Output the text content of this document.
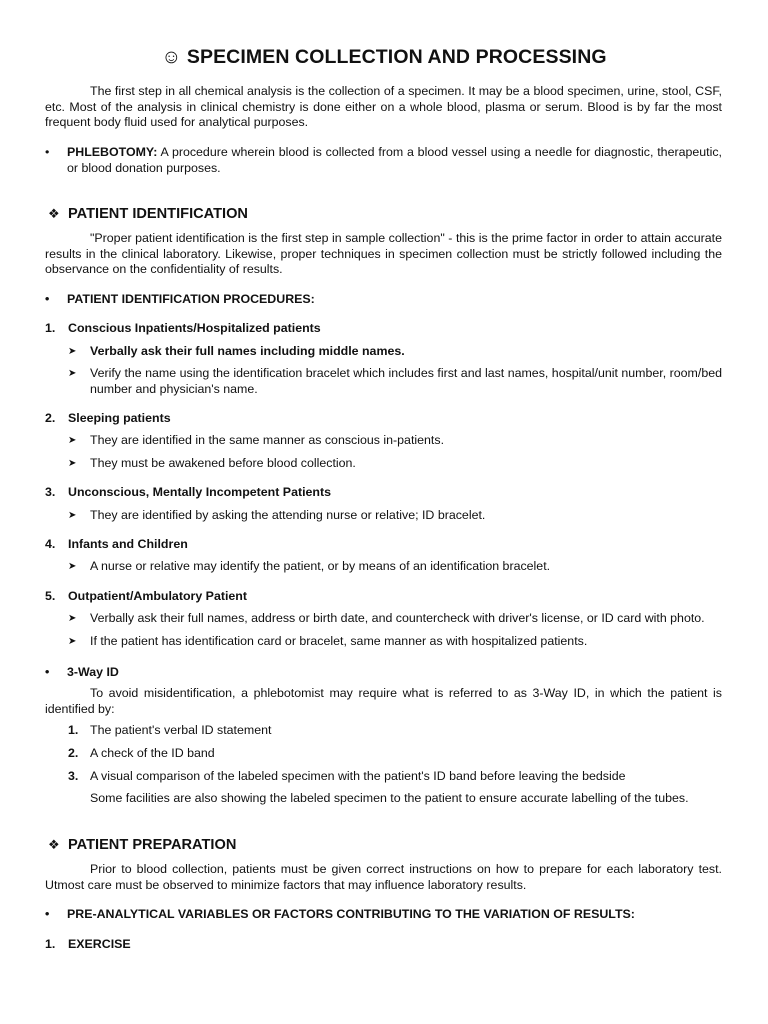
☺ SPECIMEN COLLECTION AND PROCESSING
The first step in all chemical analysis is the collection of a specimen. It may be a blood specimen, urine, stool, CSF, etc. Most of the analysis in clinical chemistry is done either on a whole blood, plasma or serum. Blood is by far the most frequent body fluid used for analytical purposes.
• PHLEBOTOMY: A procedure wherein blood is collected from a blood vessel using a needle for diagnostic, therapeutic, or blood donation purposes.
❖ PATIENT IDENTIFICATION
"Proper patient identification is the first step in sample collection" - this is the prime factor in order to attain accurate results in the clinical laboratory. Likewise, proper techniques in specimen collection must be strictly followed including the observance on the confidentiality of results.
• PATIENT IDENTIFICATION PROCEDURES:
1. Conscious Inpatients/Hospitalized patients
➤ Verbally ask their full names including middle names.
➤ Verify the name using the identification bracelet which includes first and last names, hospital/unit number, room/bed number and physician's name.
2. Sleeping patients
➤ They are identified in the same manner as conscious in-patients.
➤ They must be awakened before blood collection.
3. Unconscious, Mentally Incompetent Patients
➤ They are identified by asking the attending nurse or relative; ID bracelet.
4. Infants and Children
➤ A nurse or relative may identify the patient, or by means of an identification bracelet.
5. Outpatient/Ambulatory Patient
➤ Verbally ask their full names, address or birth date, and countercheck with driver's license, or ID card with photo.
➤ If the patient has identification card or bracelet, same manner as with hospitalized patients.
• 3-Way ID
To avoid misidentification, a phlebotomist may require what is referred to as 3-Way ID, in which the patient is identified by:
1. The patient's verbal ID statement
2. A check of the ID band
3. A visual comparison of the labeled specimen with the patient's ID band before leaving the bedside
Some facilities are also showing the labeled specimen to the patient to ensure accurate labelling of the tubes.
❖ PATIENT PREPARATION
Prior to blood collection, patients must be given correct instructions on how to prepare for each laboratory test. Utmost care must be observed to minimize factors that may influence laboratory results.
• PRE-ANALYTICAL VARIABLES OR FACTORS CONTRIBUTING TO THE VARIATION OF RESULTS:
1. EXERCISE
